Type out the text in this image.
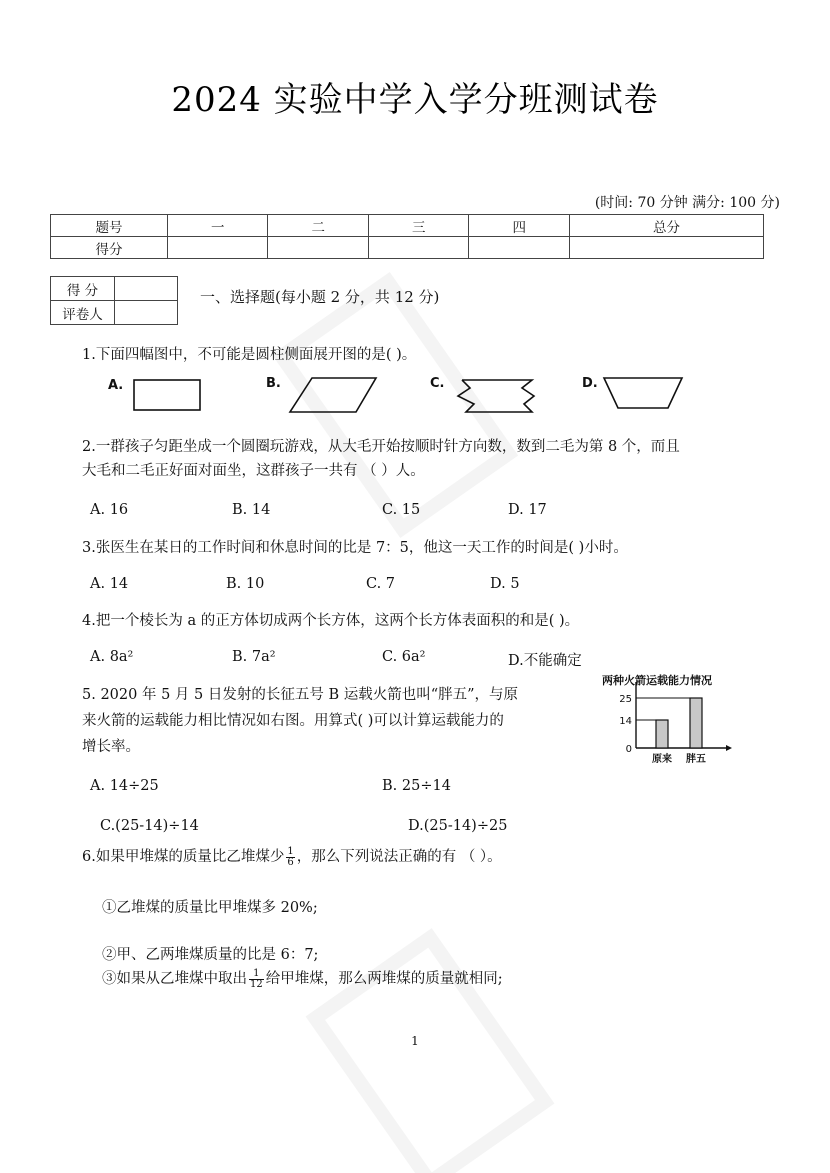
2024 实验中学入学分班测试卷
(时间: 70 分钟 满分: 100 分)
题号	一	二	三	四	总分
得分					
得 分	
评卷人	
一、选择题(每小题 2 分，共 12 分)
1.下面四幅图中，不可能是圆柱侧面展开图的是( )。
A.	B.	C.	D.
2.一群孩子匀距坐成一个圆圈玩游戏，从大毛开始按顺时针方向数，数到二毛为第 8 个，而且
大毛和二毛正好面对面坐，这群孩子一共有 （ ）人。
A. 16	B. 14	C. 15	D. 17
3.张医生在某日的工作时间和休息时间的比是 7：5，他这一天工作的时间是( )小时。
A. 14	B. 10	C. 7	D. 5
4.把一个棱长为 a 的正方体切成两个长方体，这两个长方体表面积的和是( )。
A. 8a²	B. 7a²	C. 6a²	D.不能确定
5. 2020 年 5 月 5 日发射的长征五号 B 运载火箭也叫“胖五”，与原
来火箭的运载能力相比情况如右图。用算式( )可以计算运载能力的
增长率。
两种火箭运载能力情况
0
14
25
原来 胖五
A. 14÷25	B. 25÷14
C.(25-14)÷14	D.(25-14)÷25
6.如果甲堆煤的质量比乙堆煤少 $\frac{1}{6}$ ，那么下列说法正确的有 （ ）。
①乙堆煤的质量比甲堆煤多 20%;
②甲、乙两堆煤质量的比是 6：7;
③如果从乙堆煤中取出 $\frac{1}{12}$ 给甲堆煤，那么两堆煤的质量就相同;
1
